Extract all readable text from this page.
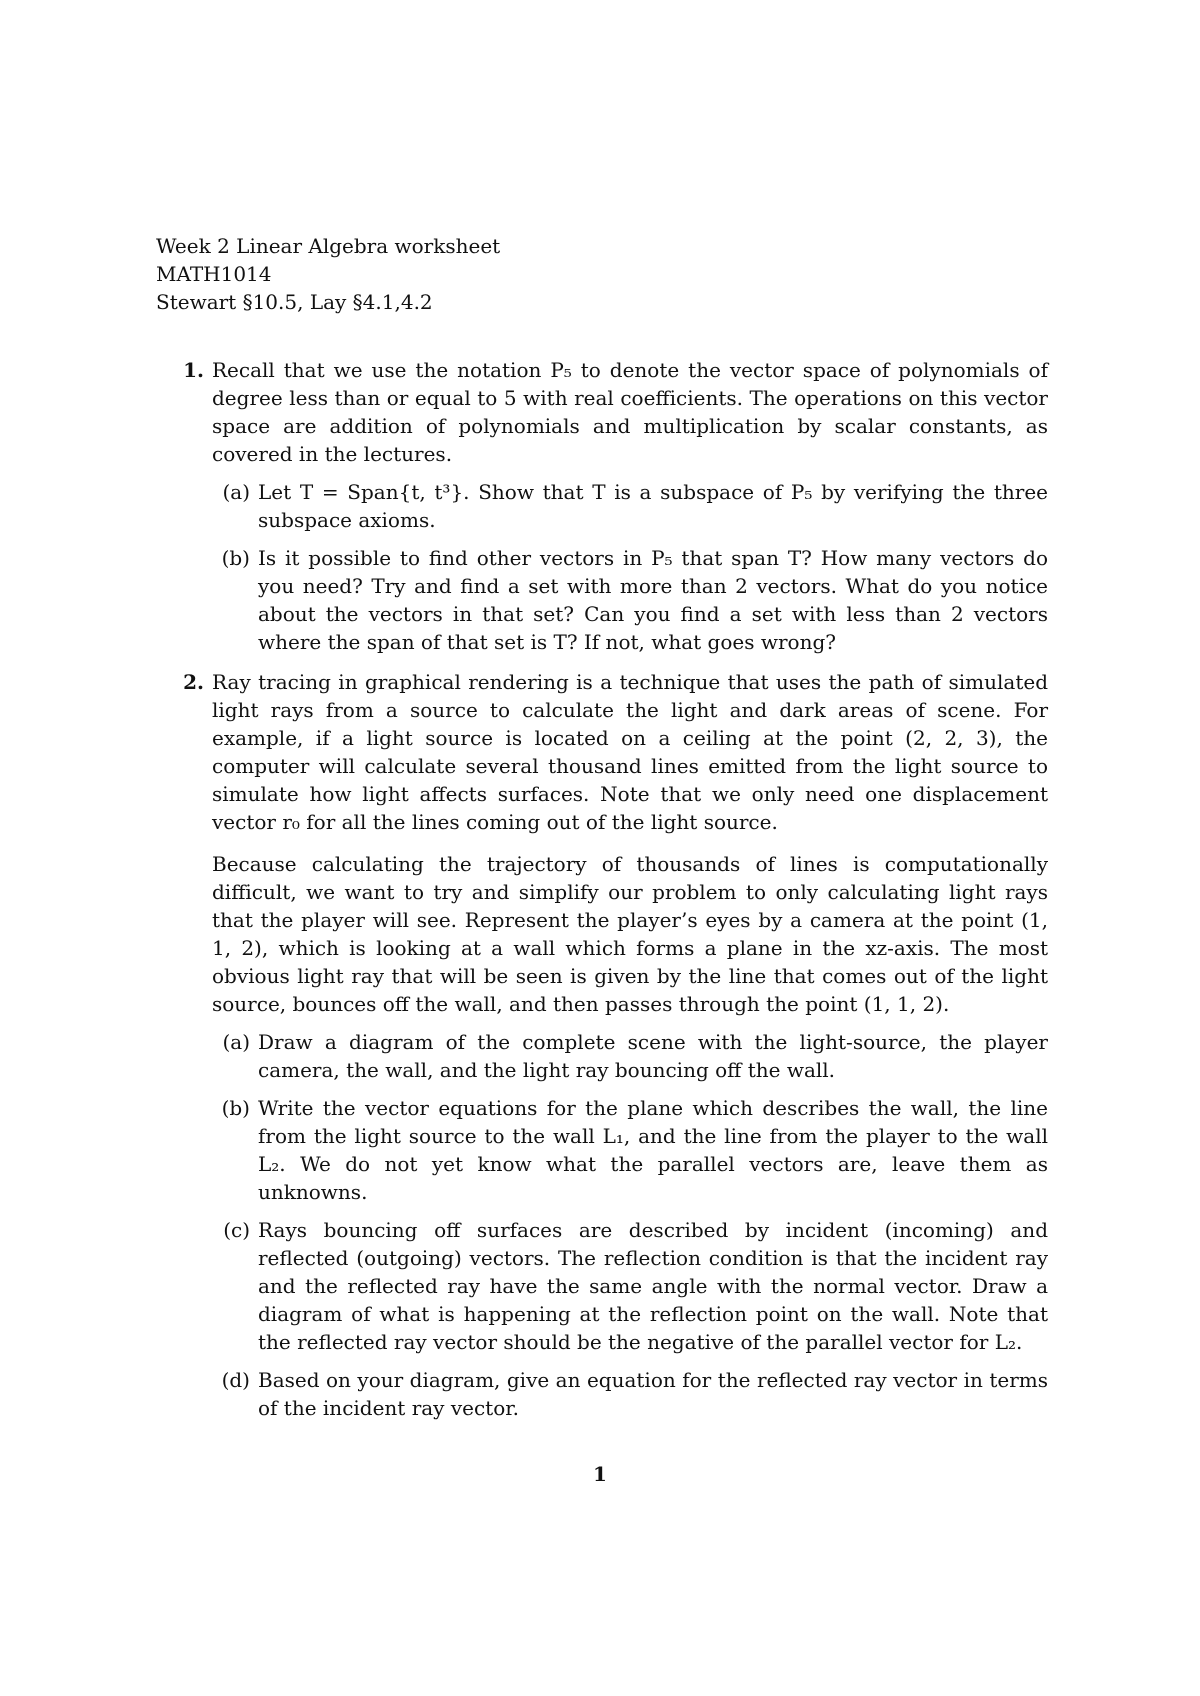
Week 2 Linear Algebra worksheet
MATH1014
Stewart §10.5, Lay §4.1,4.2
1. Recall that we use the notation P₅ to denote the vector space of polynomials of degree less than or equal to 5 with real coefficients. The operations on this vector space are addition of polynomials and multiplication by scalar constants, as covered in the lectures.

(a) Let T = Span{t, t³}. Show that T is a subspace of P₅ by verifying the three subspace axioms.

(b) Is it possible to find other vectors in P₅ that span T? How many vectors do you need? Try and find a set with more than 2 vectors. What do you notice about the vectors in that set? Can you find a set with less than 2 vectors where the span of that set is T? If not, what goes wrong?

2. Ray tracing in graphical rendering is a technique that uses the path of simulated light rays from a source to calculate the light and dark areas of scene. For example, if a light source is located on a ceiling at the point (2, 2, 3), the computer will calculate several thousand lines emitted from the light source to simulate how light affects surfaces. Note that we only need one displacement vector r₀ for all the lines coming out of the light source.

Because calculating the trajectory of thousands of lines is computationally difficult, we want to try and simplify our problem to only calculating light rays that the player will see. Represent the player’s eyes by a camera at the point (1, 1, 2), which is looking at a wall which forms a plane in the xz-axis. The most obvious light ray that will be seen is given by the line that comes out of the light source, bounces off the wall, and then passes through the point (1, 1, 2).

(a) Draw a diagram of the complete scene with the light-source, the player camera, the wall, and the light ray bouncing off the wall.

(b) Write the vector equations for the plane which describes the wall, the line from the light source to the wall L₁, and the line from the player to the wall L₂. We do not yet know what the parallel vectors are, leave them as unknowns.

(c) Rays bouncing off surfaces are described by incident (incoming) and reflected (outgoing) vectors. The reflection condition is that the incident ray and the reflected ray have the same angle with the normal vector. Draw a diagram of what is happening at the reflection point on the wall. Note that the reflected ray vector should be the negative of the parallel vector for L₂.

(d) Based on your diagram, give an equation for the reflected ray vector in terms of the incident ray vector.

1
